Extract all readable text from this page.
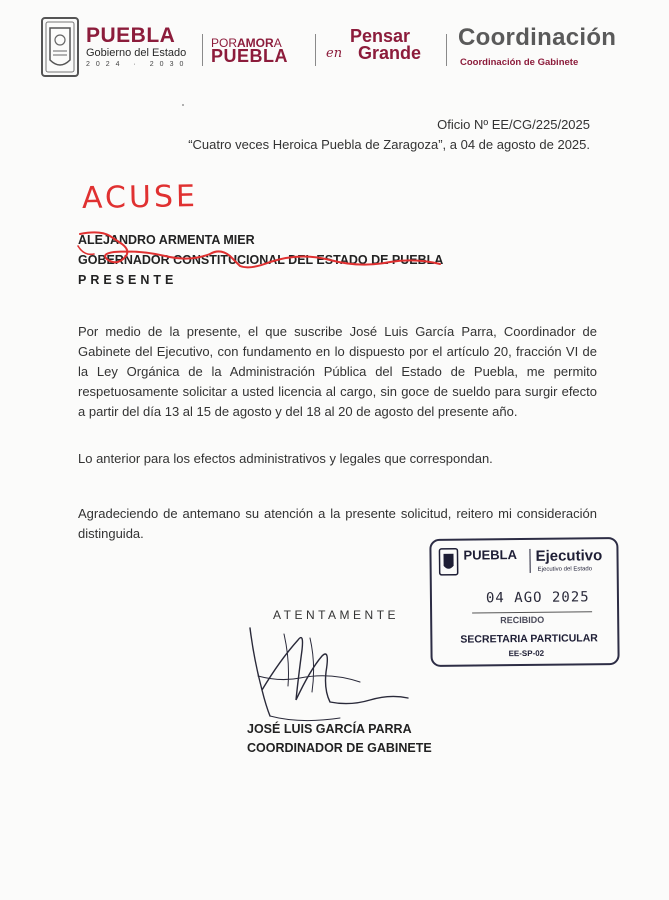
PUEBLA
Gobierno del Estado
2024 · 2030
PORAMORA
PUEBLA
Pensar
en Grande
Coordinación
Coordinación de Gabinete
Oficio Nº EE/CG/225/2025
“Cuatro veces Heroica Puebla de Zaragoza”, a 04 de agosto de 2025.
ACUSE
ALEJANDRO ARMENTA MIER
GOBERNADOR CONSTITUCIONAL DEL ESTADO DE PUEBLA
PRESENTE

Por medio de la presente, el que suscribe José Luis García Parra, Coordinador de Gabinete del Ejecutivo, con fundamento en lo dispuesto por el artículo 20, fracción VI de la Ley Orgánica de la Administración Pública del Estado de Puebla, me permito respetuosamente solicitar a usted licencia al cargo, sin goce de sueldo para surgir efecto a partir del día 13 al 15 de agosto y del 18 al 20 de agosto del presente año.

Lo anterior para los efectos administrativos y legales que correspondan.

Agradeciendo de antemano su atención a la presente solicitud, reitero mi consideración distinguida.

PUEBLA Ejecutivo
Ejecutivo del Estado
04 AGO 2025
RECIBIDO
SECRETARIA PARTICULAR
EE-SP-02
ATENTAMENTE
JOSÉ LUIS GARCÍA PARRA
COORDINADOR DE GABINETE
